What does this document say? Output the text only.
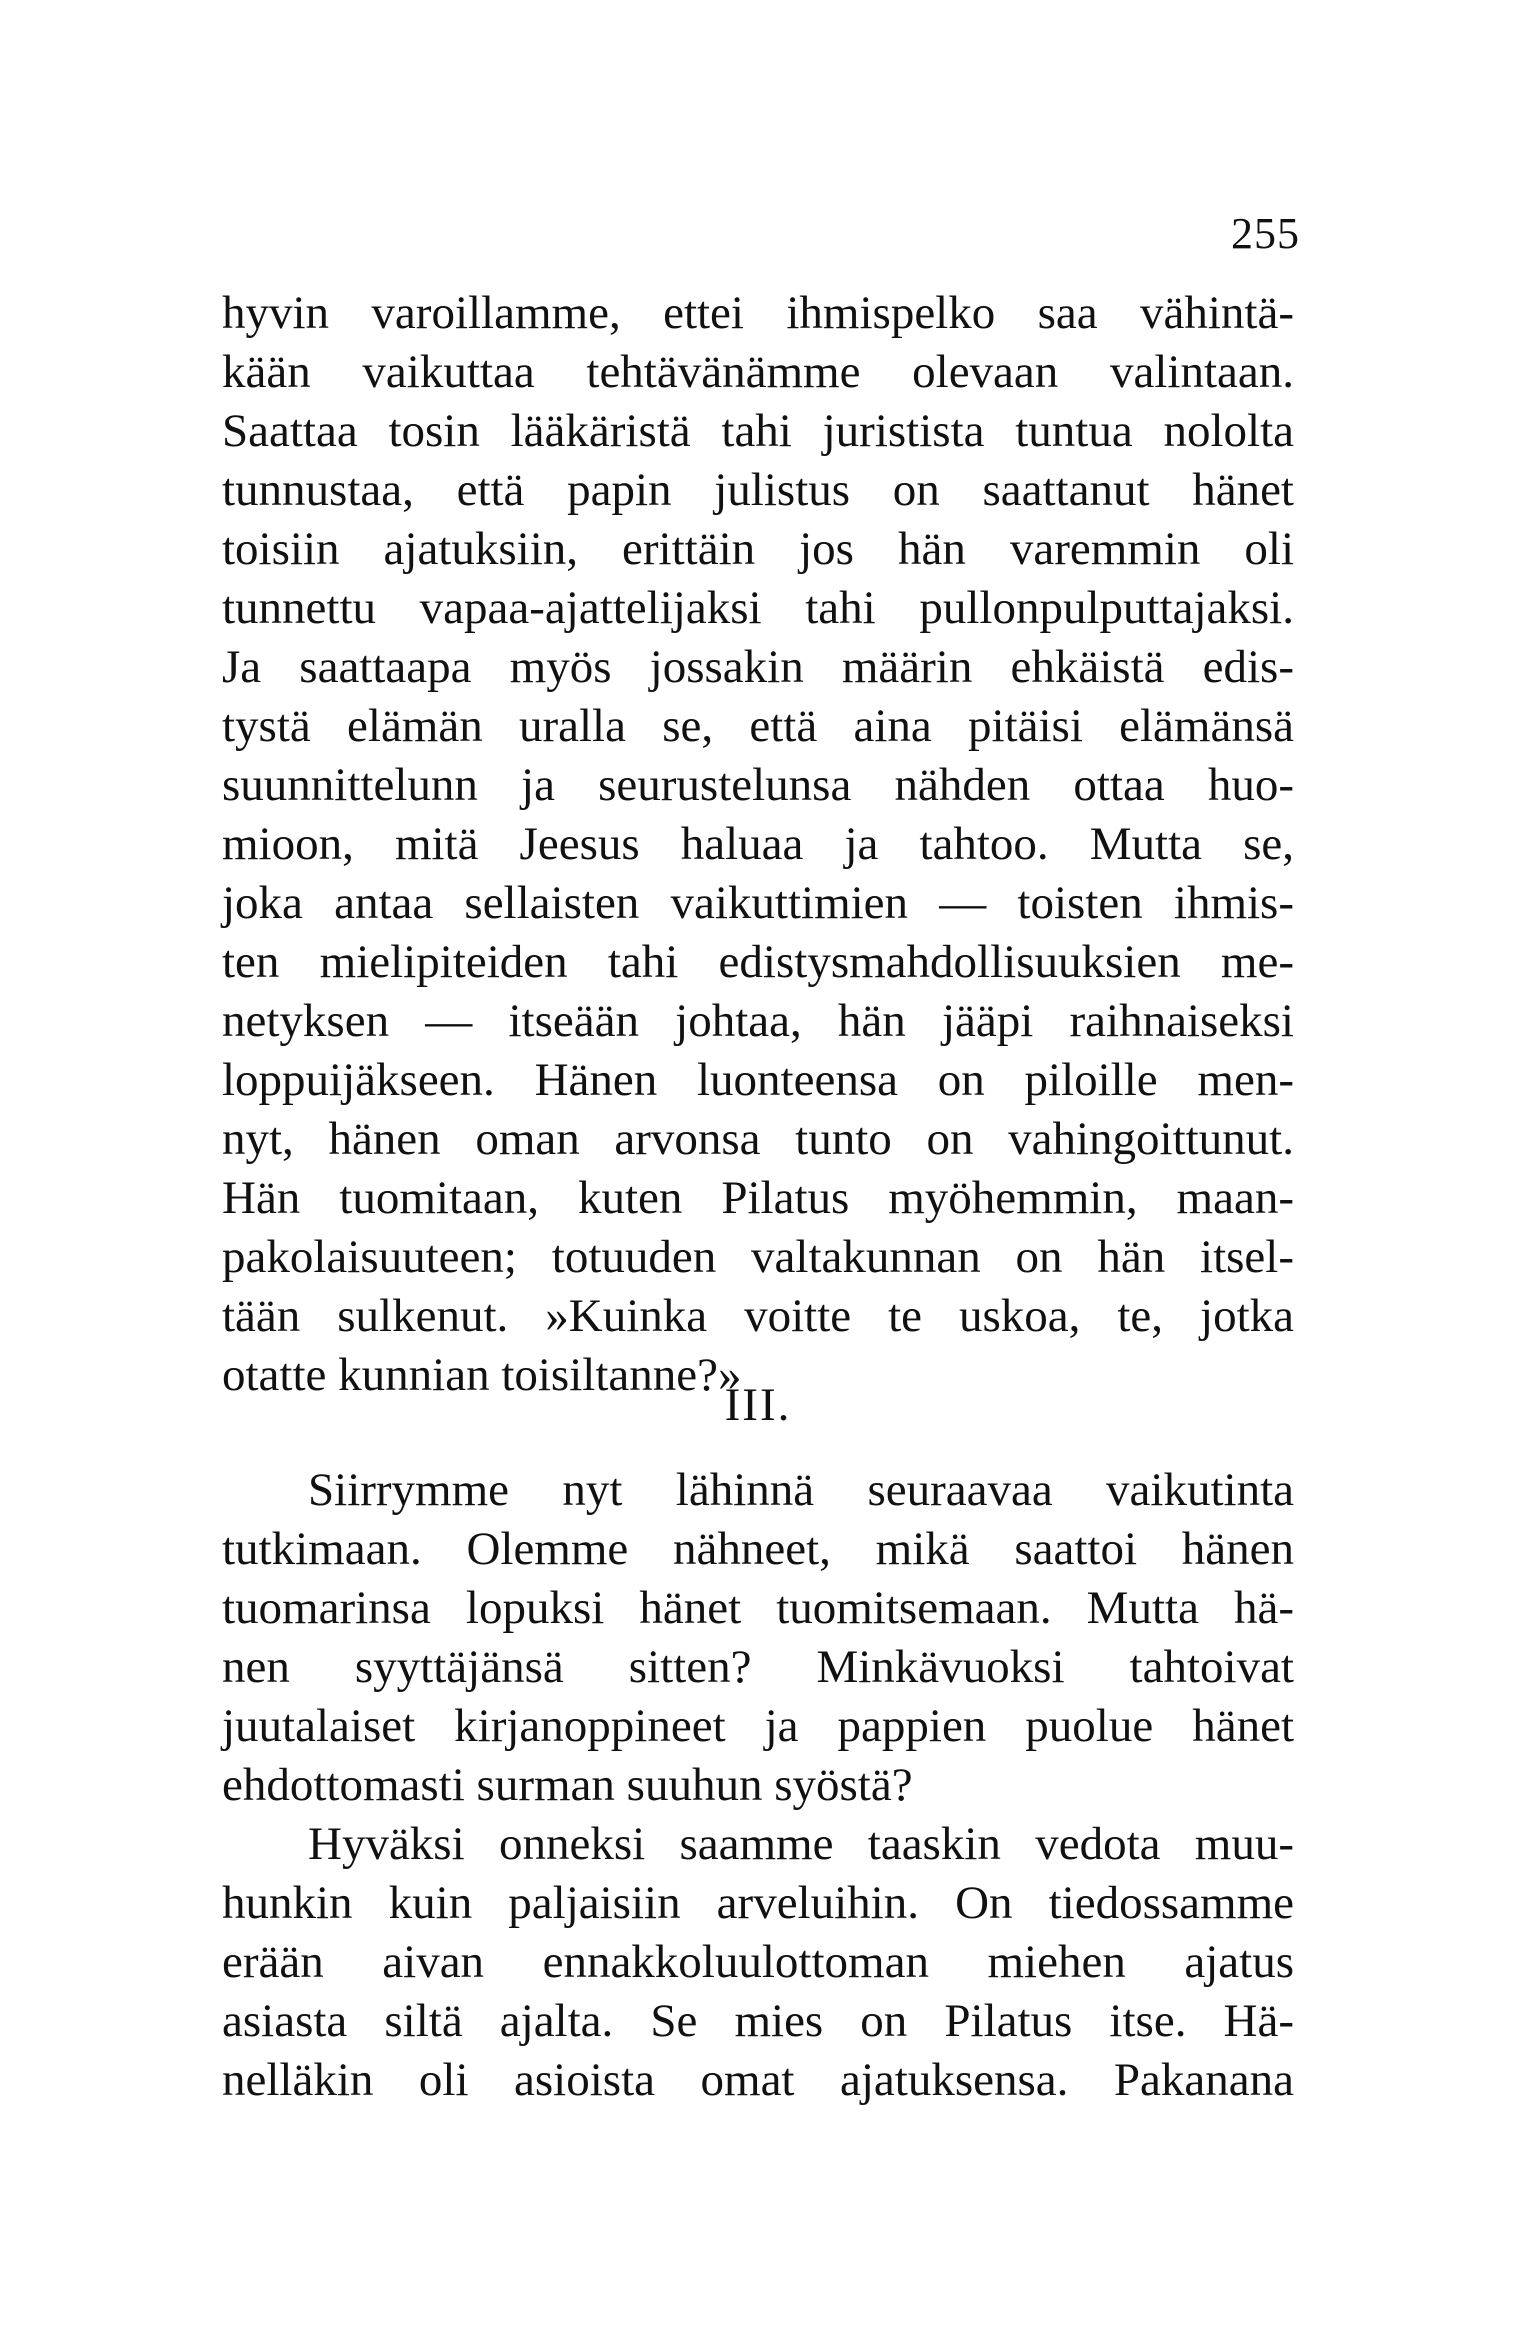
255
hyvin varoillamme, ettei ihmispelko saa vähintä-
kään vaikuttaa tehtävänämme olevaan valintaan.
Saattaa tosin lääkäristä tahi juristista tuntua nololta
tunnustaa, että papin julistus on saattanut hänet
toisiin ajatuksiin, erittäin jos hän varemmin oli
tunnettu vapaa-ajattelijaksi tahi pullonpulputtajaksi.
Ja saattaapa myös jossakin määrin ehkäistä edis-
tystä elämän uralla se, että aina pitäisi elämänsä
suunnittelunn ja seurustelunsa nähden ottaa huo-
mioon, mitä Jeesus haluaa ja tahtoo. Mutta se,
joka antaa sellaisten vaikuttimien — toisten ihmis-
ten mielipiteiden tahi edistysmahdollisuuksien me-
netyksen — itseään johtaa, hän jääpi raihnaiseksi
loppuijäkseen. Hänen luonteensa on piloille men-
nyt, hänen oman arvonsa tunto on vahingoittunut.
Hän tuomitaan, kuten Pilatus myöhemmin, maan-
pakolaisuuteen; totuuden valtakunnan on hän itsel-
tään sulkenut. »Kuinka voitte te uskoa, te, jotka
otatte kunnian toisiltanne?»
III.
Siirrymme nyt lähinnä seuraavaa vaikutinta
tutkimaan. Olemme nähneet, mikä saattoi hänen
tuomarinsa lopuksi hänet tuomitsemaan. Mutta hä-
nen syyttäjänsä sitten? Minkävuoksi tahtoivat
juutalaiset kirjanoppineet ja pappien puolue hänet
ehdottomasti surman suuhun syöstä?
Hyväksi onneksi saamme taaskin vedota muu-
hunkin kuin paljaisiin arveluihin. On tiedossamme
erään aivan ennakkoluulottoman miehen ajatus
asiasta siltä ajalta. Se mies on Pilatus itse. Hä-
nelläkin oli asioista omat ajatuksensa. Pakanana
